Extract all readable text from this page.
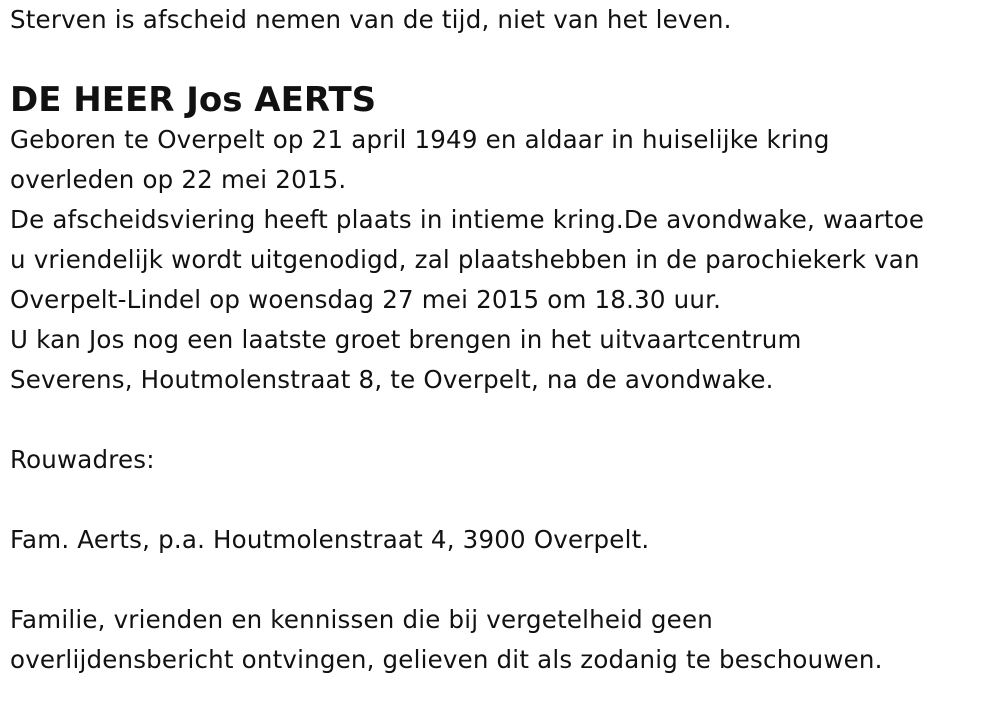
Sterven is afscheid nemen van de tijd, niet van het leven.
DE HEER Jos AERTS
Geboren te Overpelt op 21 april 1949 en aldaar in huiselijke kring
overleden op 22 mei 2015.
De afscheidsviering heeft plaats in intieme kring.De avondwake, waartoe
u vriendelijk wordt uitgenodigd, zal plaatshebben in de parochiekerk van
Overpelt-Lindel op woensdag 27 mei 2015 om 18.30 uur.
U kan Jos nog een laatste groet brengen in het uitvaartcentrum
Severens, Houtmolenstraat 8, te Overpelt, na de avondwake.
Rouwadres:
Fam. Aerts, p.a. Houtmolenstraat 4, 3900 Overpelt.
Familie, vrienden en kennissen die bij vergetelheid geen
overlijdensbericht ontvingen, gelieven dit als zodanig te beschouwen.
